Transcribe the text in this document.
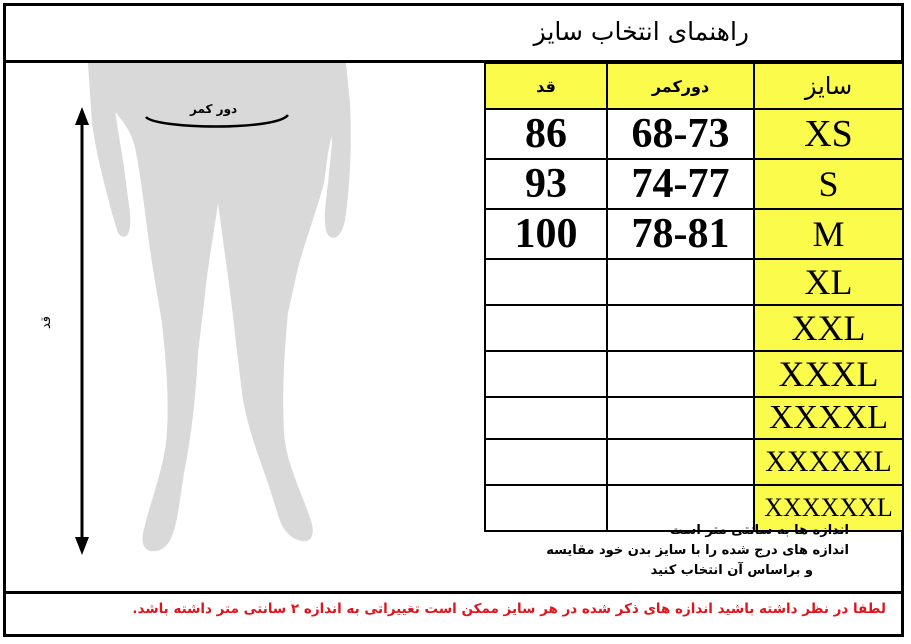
راهنمای انتخاب سایز
دور کمر
قد
قد	دورکمر	سایز
86	68-73	XS
93	74-77	S
100	78-81	M
		XL
		XXL
		XXXL
		XXXXL
		XXXXXL
		XXXXXXL
اندازه ها به سانتی متر است
اندازه های درج شده را با سایز بدن خود مقایسه
و براساس آن انتخاب کنید
لطفا در نظر داشته باشید اندازه های ذکر شده در هر سایز ممکن است تغییراتی به اندازه ۲ سانتی متر داشته باشد.
